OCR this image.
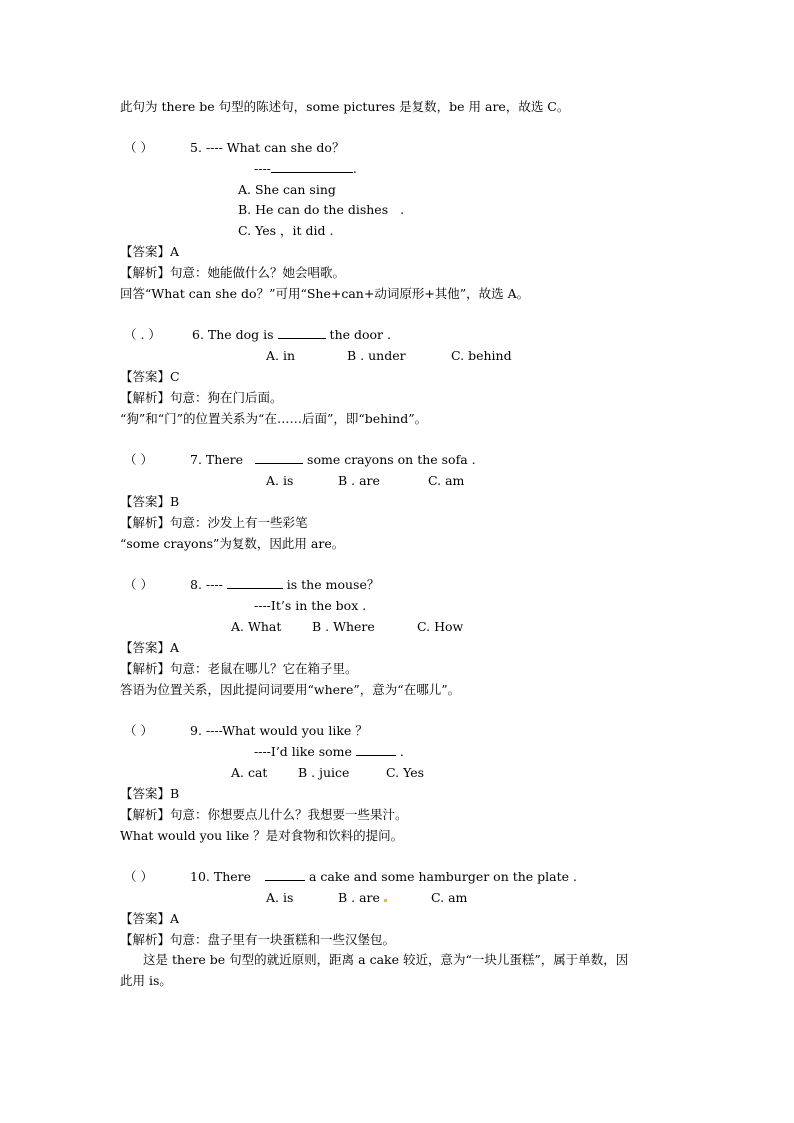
此句为 there be 句型的陈述句，some pictures 是复数，be 用 are，故选 C。
（ ）	5. ---- What can she do？
----	.
A. She can sing
B. He can do the dishes .
C. Yes ，it did .
【答案】A
【解析】句意：她能做什么？她会唱歌。
回答“What can she do？”可用“She+can+动词原形+其他”，故选 A。
（ . ） 6. The dog is	the door .
A. in	B . under	C. behind
【答案】C
【解析】句意：狗在门后面。
“狗”和“门”的位置关系为“在……后面”，即“behind”。
（ ）	7. There	some crayons on the sofa .
A. is	B . are	C. am
【答案】B
【解析】句意：沙发上有一些彩笔
“some crayons”为复数，因此用 are。
（ ）	8. ----	is the mouse？
----It’s in the box .
A. What B . Where	C. How
【答案】A
【解析】句意：老鼠在哪儿？它在箱子里。
答语为位置关系，因此提问词要用“where”，意为“在哪儿”。
（ ）	9. ----What would you like ？
----I’d like some	.
A. cat B . juice	C. Yes
【答案】B
【解析】句意：你想要点儿什么？我想要一些果汁。
What would you like ？是对食物和饮料的提问。
（ ）	10. There	a cake and some hamburger on the plate .
A. is	B . are	C. am
【答案】A
【解析】句意：盘子里有一块蛋糕和一些汉堡包。
这是 there be 句型的就近原则，距离 a cake 较近，意为“一块儿蛋糕”，属于单数，因
此用 is。
